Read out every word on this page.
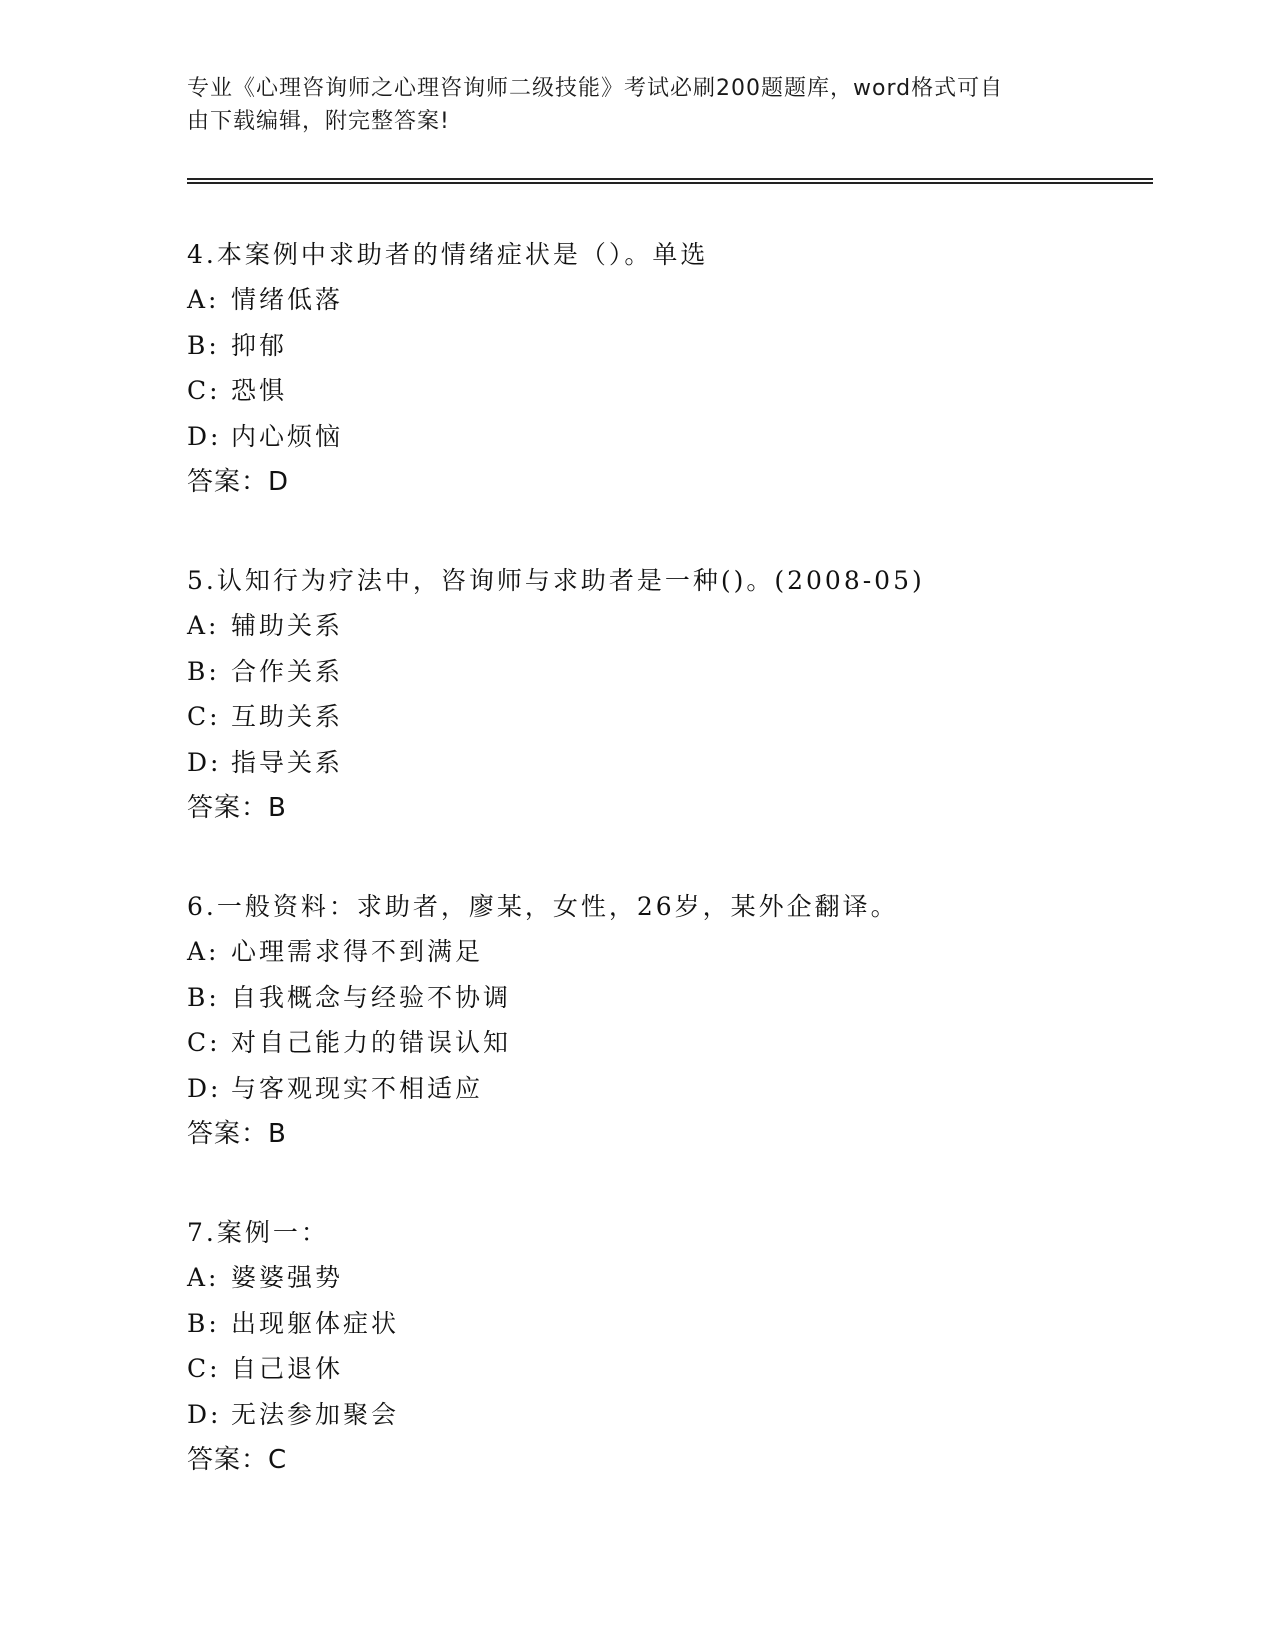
专业《心理咨询师之心理咨询师二级技能》考试必刷200题题库，word格式可自
由下载编辑，附完整答案!
4.本案例中求助者的情绪症状是（）。单选
A: 情绪低落
B: 抑郁
C: 恐惧
D: 内心烦恼
答案：D
5.认知行为疗法中，咨询师与求助者是一种()。(2008-05)
A: 辅助关系
B: 合作关系
C: 互助关系
D: 指导关系
答案：B
6.一般资料：求助者，廖某，女性，26岁，某外企翻译。
A: 心理需求得不到满足
B: 自我概念与经验不协调
C: 对自己能力的错误认知
D: 与客观现实不相适应
答案：B
7.案例一：
A: 婆婆强势
B: 出现躯体症状
C: 自己退休
D: 无法参加聚会
答案：C
